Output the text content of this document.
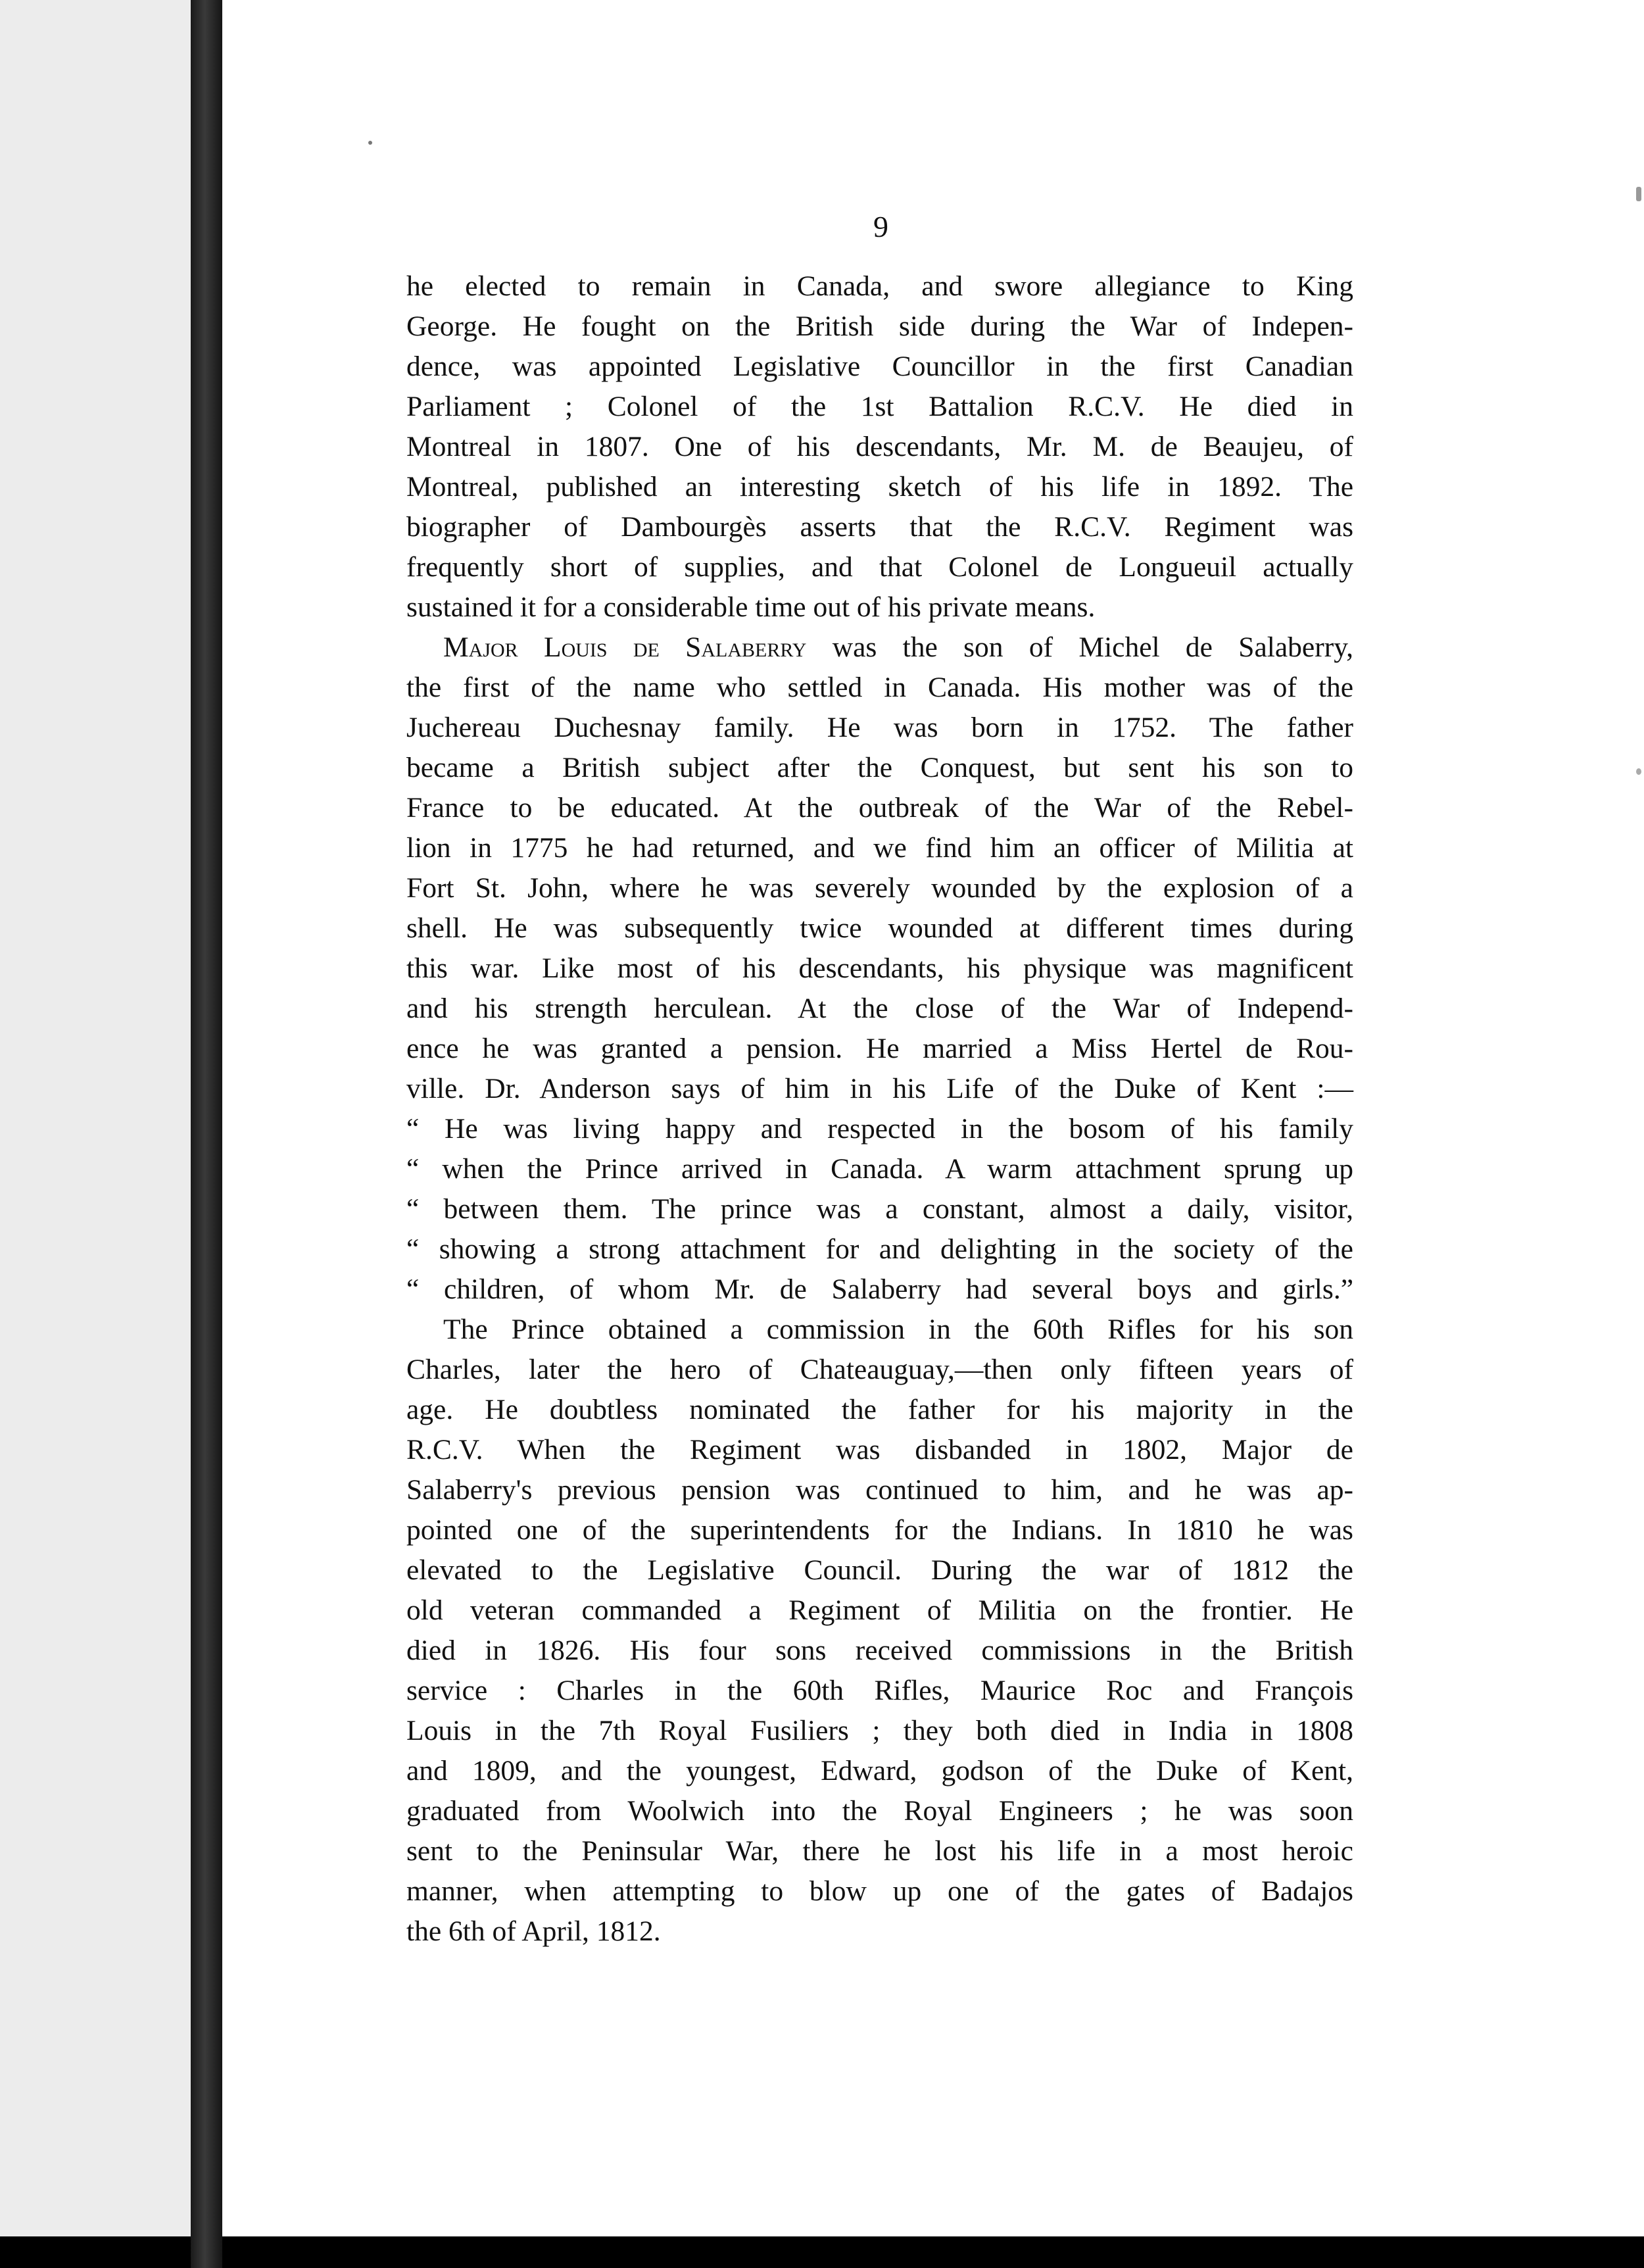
9
he elected to remain in Canada, and swore allegiance to King
George. He fought on the British side during the War of Indepen-
dence, was appointed Legislative Councillor in the first Canadian
Parliament ; Colonel of the 1st Battalion R.C.V. He died in
Montreal in 1807. One of his descendants, Mr. M. de Beaujeu, of
Montreal, published an interesting sketch of his life in 1892. The
biographer of Dambourgès asserts that the R.C.V. Regiment was
frequently short of supplies, and that Colonel de Longueuil actually
sustained it for a considerable time out of his private means.
Major Louis de Salaberry was the son of Michel de Salaberry,
the first of the name who settled in Canada. His mother was of the
Juchereau Duchesnay family. He was born in 1752. The father
became a British subject after the Conquest, but sent his son to
France to be educated. At the outbreak of the War of the Rebel-
lion in 1775 he had returned, and we find him an officer of Militia at
Fort St. John, where he was severely wounded by the explosion of a
shell. He was subsequently twice wounded at different times during
this war. Like most of his descendants, his physique was magnificent
and his strength herculean. At the close of the War of Independ-
ence he was granted a pension. He married a Miss Hertel de Rou-
ville. Dr. Anderson says of him in his Life of the Duke of Kent :—
“ He was living happy and respected in the bosom of his family
“ when the Prince arrived in Canada. A warm attachment sprung up
“ between them. The prince was a constant, almost a daily, visitor,
“ showing a strong attachment for and delighting in the society of the
“ children, of whom Mr. de Salaberry had several boys and girls.”
The Prince obtained a commission in the 60th Rifles for his son
Charles, later the hero of Chateauguay,—then only fifteen years of
age. He doubtless nominated the father for his majority in the
R.C.V. When the Regiment was disbanded in 1802, Major de
Salaberry's previous pension was continued to him, and he was ap-
pointed one of the superintendents for the Indians. In 1810 he was
elevated to the Legislative Council. During the war of 1812 the
old veteran commanded a Regiment of Militia on the frontier. He
died in 1826. His four sons received commissions in the British
service : Charles in the 60th Rifles, Maurice Roc and François
Louis in the 7th Royal Fusiliers ; they both died in India in 1808
and 1809, and the youngest, Edward, godson of the Duke of Kent,
graduated from Woolwich into the Royal Engineers ; he was soon
sent to the Peninsular War, there he lost his life in a most heroic
manner, when attempting to blow up one of the gates of Badajos
the 6th of April, 1812.
